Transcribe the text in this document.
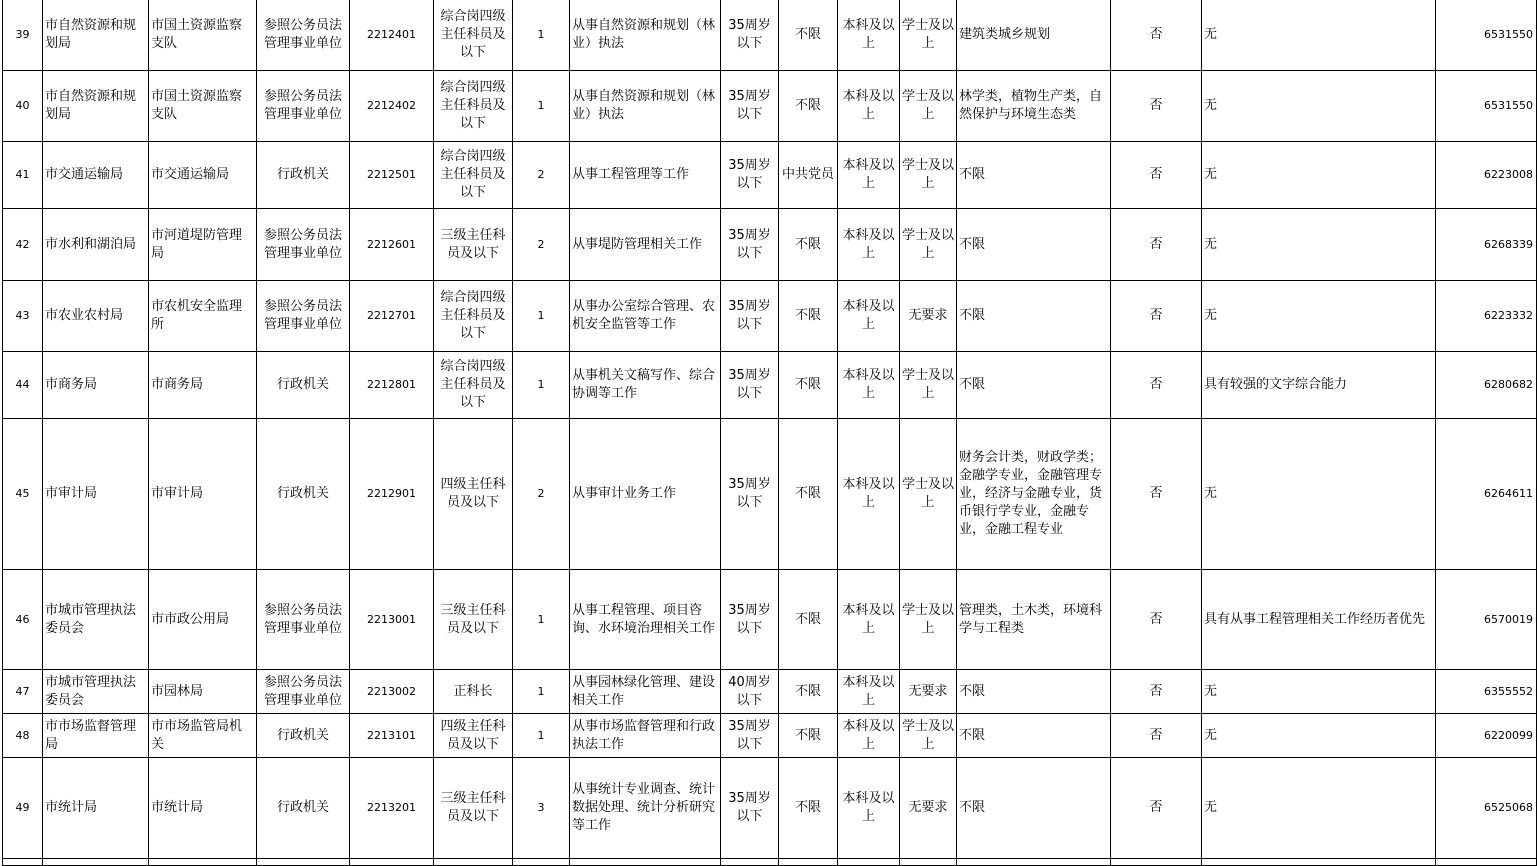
39	市自然资源和规划局	市国土资源监察支队	参照公务员法管理事业单位	2212401	综合岗四级主任科员及以下	1	从事自然资源和规划（林业）执法	35周岁以下	不限	本科及以上	学士及以上	建筑类城乡规划	否	无	6531550
40	市自然资源和规划局	市国土资源监察支队	参照公务员法管理事业单位	2212402	综合岗四级主任科员及以下	1	从事自然资源和规划（林业）执法	35周岁以下	不限	本科及以上	学士及以上	林学类，植物生产类，自然保护与环境生态类	否	无	6531550
41	市交通运输局	市交通运输局	行政机关	2212501	综合岗四级主任科员及以下	2	从事工程管理等工作	35周岁以下	中共党员	本科及以上	学士及以上	不限	否	无	6223008
42	市水利和湖泊局	市河道堤防管理局	参照公务员法管理事业单位	2212601	三级主任科员及以下	2	从事堤防管理相关工作	35周岁以下	不限	本科及以上	学士及以上	不限	否	无	6268339
43	市农业农村局	市农机安全监理所	参照公务员法管理事业单位	2212701	综合岗四级主任科员及以下	1	从事办公室综合管理、农机安全监管等工作	35周岁以下	不限	本科及以上	无要求	不限	否	无	6223332
44	市商务局	市商务局	行政机关	2212801	综合岗四级主任科员及以下	1	从事机关文稿写作、综合协调等工作	35周岁以下	不限	本科及以上	学士及以上	不限	否	具有较强的文字综合能力	6280682
45	市审计局	市审计局	行政机关	2212901	四级主任科员及以下	2	从事审计业务工作	35周岁以下	不限	本科及以上	学士及以上	财务会计类，财政学类；金融学专业，金融管理专业，经济与金融专业，货币银行学专业，金融专业，金融工程专业	否	无	6264611
46	市城市管理执法委员会	市市政公用局	参照公务员法管理事业单位	2213001	三级主任科员及以下	1	从事工程管理、项目咨询、水环境治理相关工作	35周岁以下	不限	本科及以上	学士及以上	管理类，土木类，环境科学与工程类	否	具有从事工程管理相关工作经历者优先	6570019
47	市城市管理执法委员会	市园林局	参照公务员法管理事业单位	2213002	正科长	1	从事园林绿化管理、建设相关工作	40周岁以下	不限	本科及以上	无要求	不限	否	无	6355552
48	市市场监督管理局	市市场监管局机关	行政机关	2213101	四级主任科员及以下	1	从事市场监督管理和行政执法工作	35周岁以下	不限	本科及以上	学士及以上	不限	否	无	6220099
49	市统计局	市统计局	行政机关	2213201	三级主任科员及以下	3	从事统计专业调查、统计数据处理、统计分析研究等工作	35周岁以下	不限	本科及以上	无要求	不限	否	无	6525068
